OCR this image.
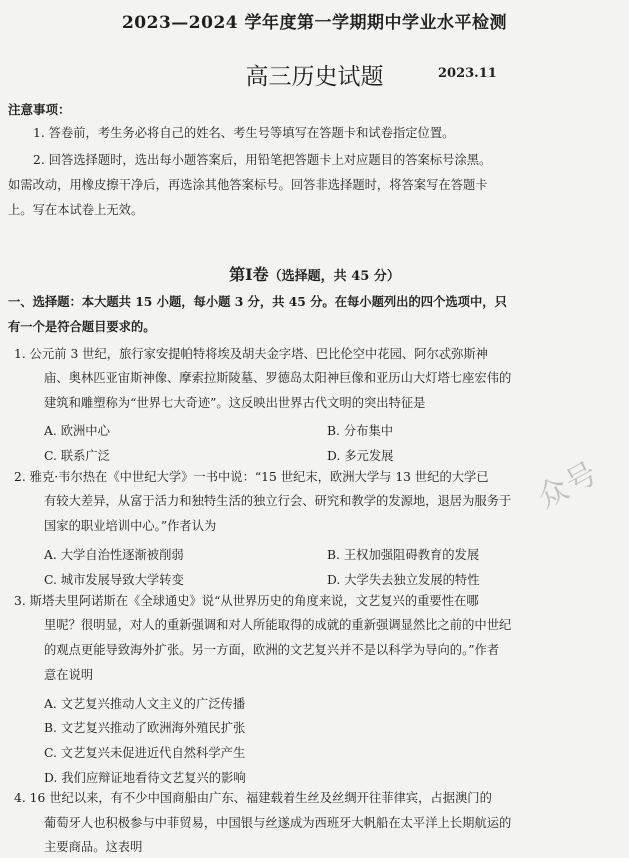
2023—2024 学年度第一学期期中学业水平检测
高三历史试题	2023.11
注意事项：
1. 答卷前，考生务必将自己的姓名、考生号等填写在答题卡和试卷指定位置。
2. 回答选择题时，选出每小题答案后，用铅笔把答题卡上对应题目的答案标号涂黑。
如需改动，用橡皮擦干净后，再选涂其他答案标号。回答非选择题时，将答案写在答题卡
上。写在本试卷上无效。
第Ⅰ卷（选择题，共 45 分）
一、选择题：本大题共 15 小题，每小题 3 分，共 45 分。在每小题列出的四个选项中，只
有一个是符合题目要求的。
1. 公元前 3 世纪，旅行家安提帕特将埃及胡夫金字塔、巴比伦空中花园、阿尔忒弥斯神
庙、奥林匹亚宙斯神像、摩索拉斯陵墓、罗德岛太阳神巨像和亚历山大灯塔七座宏伟的
建筑和雕塑称为“世界七大奇迹”。这反映出世界古代文明的突出特征是
A. 欧洲中心	B. 分布集中
C. 联系广泛	D. 多元发展
2. 雅克·韦尔热在《中世纪大学》一书中说：“15 世纪末，欧洲大学与 13 世纪的大学已
有较大差异，从富于活力和独特生活的独立行会、研究和教学的发源地，退居为服务于
国家的职业培训中心。”作者认为
A. 大学自治性逐渐被削弱	B. 王权加强阻碍教育的发展
C. 城市发展导致大学转变	D. 大学失去独立发展的特性
3. 斯塔夫里阿诺斯在《全球通史》说“从世界历史的角度来说，文艺复兴的重要性在哪
里呢？很明显，对人的重新强调和对人所能取得的成就的重新强调显然比之前的中世纪
的观点更能导致海外扩张。另一方面，欧洲的文艺复兴并不是以科学为导向的。”作者
意在说明
A. 文艺复兴推动人文主义的广泛传播
B. 文艺复兴推动了欧洲海外殖民扩张
C. 文艺复兴未促进近代自然科学产生
D. 我们应辩证地看待文艺复兴的影响
4. 16 世纪以来，有不少中国商船由广东、福建载着生丝及丝绸开往菲律宾，占据澳门的
葡萄牙人也积极参与中菲贸易，中国银与丝遂成为西班牙大帆船在太平洋上长期航运的
主要商品。这表明
众号
